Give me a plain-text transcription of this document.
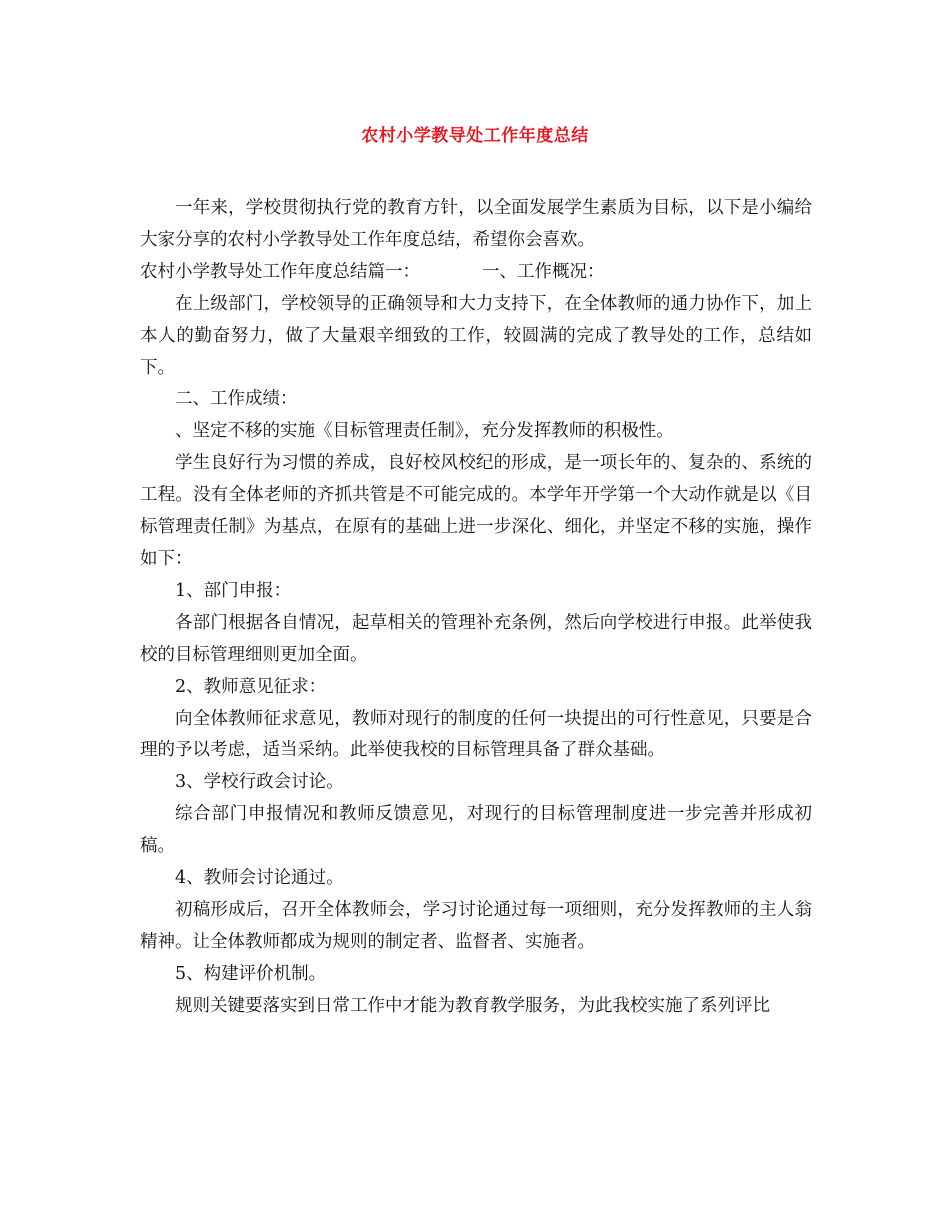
农村小学教导处工作年度总结

一年来，学校贯彻执行党的教育方针，以全面发展学生素质为目标，以下是小编给大家分享的农村小学教导处工作年度总结，希望你会喜欢。

农村小学教导处工作年度总结篇一：	一、工作概况：

在上级部门，学校领导的正确领导和大力支持下，在全体教师的通力协作下，加上本人的勤奋努力，做了大量艰辛细致的工作，较圆满的完成了教导处的工作，总结如下。

二、工作成绩：

、坚定不移的实施《目标管理责任制》，充分发挥教师的积极性。

学生良好行为习惯的养成，良好校风校纪的形成，是一项长年的、复杂的、系统的工程。没有全体老师的齐抓共管是不可能完成的。本学年开学第一个大动作就是以《目标管理责任制》为基点，在原有的基础上进一步深化、细化，并坚定不移的实施，操作如下：

1、部门申报：

各部门根据各自情况，起草相关的管理补充条例，然后向学校进行申报。此举使我校的目标管理细则更加全面。

2、教师意见征求：

向全体教师征求意见，教师对现行的制度的任何一块提出的可行性意见，只要是合理的予以考虑，适当采纳。此举使我校的目标管理具备了群众基础。

3、学校行政会讨论。

综合部门申报情况和教师反馈意见，对现行的目标管理制度进一步完善并形成初稿。

4、教师会讨论通过。

初稿形成后，召开全体教师会，学习讨论通过每一项细则，充分发挥教师的主人翁精神。让全体教师都成为规则的制定者、监督者、实施者。

5、构建评价机制。

规则关键要落实到日常工作中才能为教育教学服务，为此我校实施了系列评比
